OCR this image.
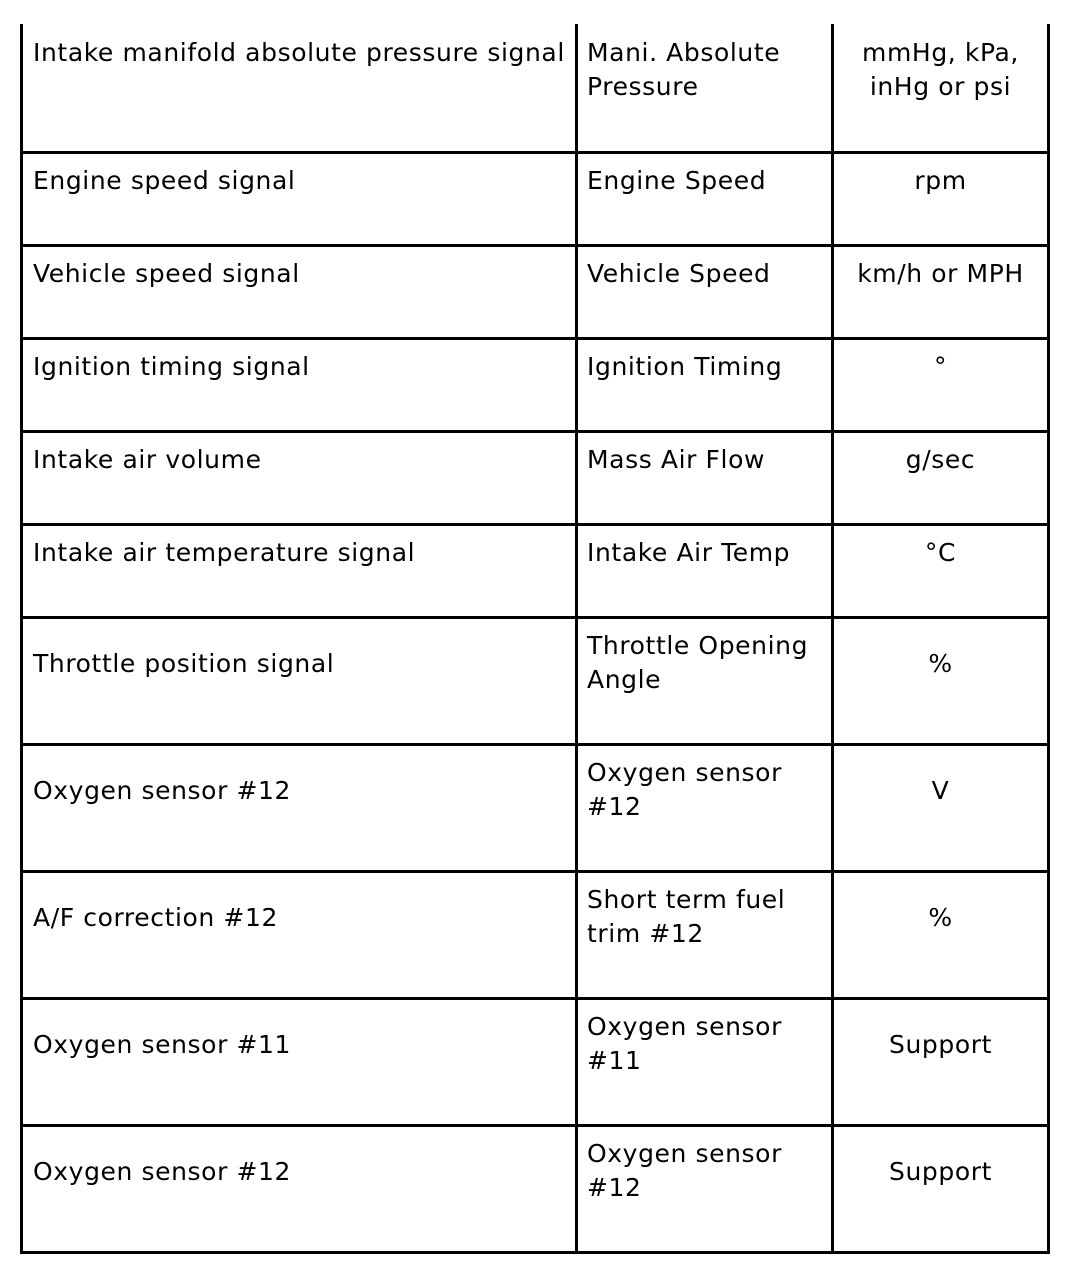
Intake manifold absolute pressure signal	Mani. Absolute Pressure	mmHg, kPa, inHg or psi
Engine speed signal	Engine Speed	rpm
Vehicle speed signal	Vehicle Speed	km/h or MPH
Ignition timing signal	Ignition Timing	°
Intake air volume	Mass Air Flow	g/sec
Intake air temperature signal	Intake Air Temp	°C
Throttle position signal	Throttle Opening Angle	%
Oxygen sensor #12	Oxygen sensor #12	V
A/F correction #12	Short term fuel trim #12	%
Oxygen sensor #11	Oxygen sensor #11	Support
Oxygen sensor #12	Oxygen sensor #12	Support
